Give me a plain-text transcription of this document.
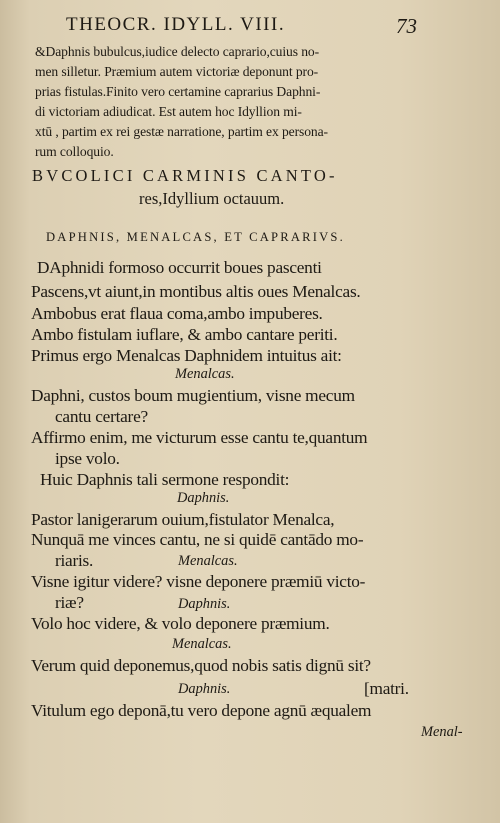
THEOCR. IDYLL. VIII.	73
&Daphnis bubulcus,iudice delecto caprario,cuius no-
men silletur. Præmium autem victoriæ deponunt pro-
prias fistulas.Finito vero certamine caprarius Daphni-
di victoriam adiudicat. Est autem hoc Idyllion mi-
xtū , partim ex rei gestæ narratione, partim ex persona-
rum colloquio.
BVCOLICI CARMINIS CANTO-
res,Idyllium octauum.
DAPHNIS, MENALCAS, ET CAPRARIVS.
DAphnidi formoso occurrit boues pascenti
Pascens,vt aiunt,in montibus altis oues Menalcas.
Ambobus erat flaua coma,ambo impuberes.
Ambo fistulam iuflare, & ambo cantare periti.
Primus ergo Menalcas Daphnidem intuitus ait:
Menalcas.
Daphni, custos boum mugientium, visne mecum
cantu certare?
Affirmo enim, me victurum esse cantu te,quantum
ipse volo.
Huic Daphnis tali sermone respondit:
Daphnis.
Pastor lanigerarum ouium,fistulator Menalca,
Nunquā me vinces cantu, ne si quidē cantādo mo-
riaris.	Menalcas.
Visne igitur videre? visne deponere præmiū victo-
riæ?	Daphnis.
Volo hoc videre, & volo deponere præmium.
Menalcas.
Verum quid deponemus,quod nobis satis dignū sit?
Daphnis.	[matri.
Vitulum ego deponā,tu vero depone agnū æqualem
Menal-
